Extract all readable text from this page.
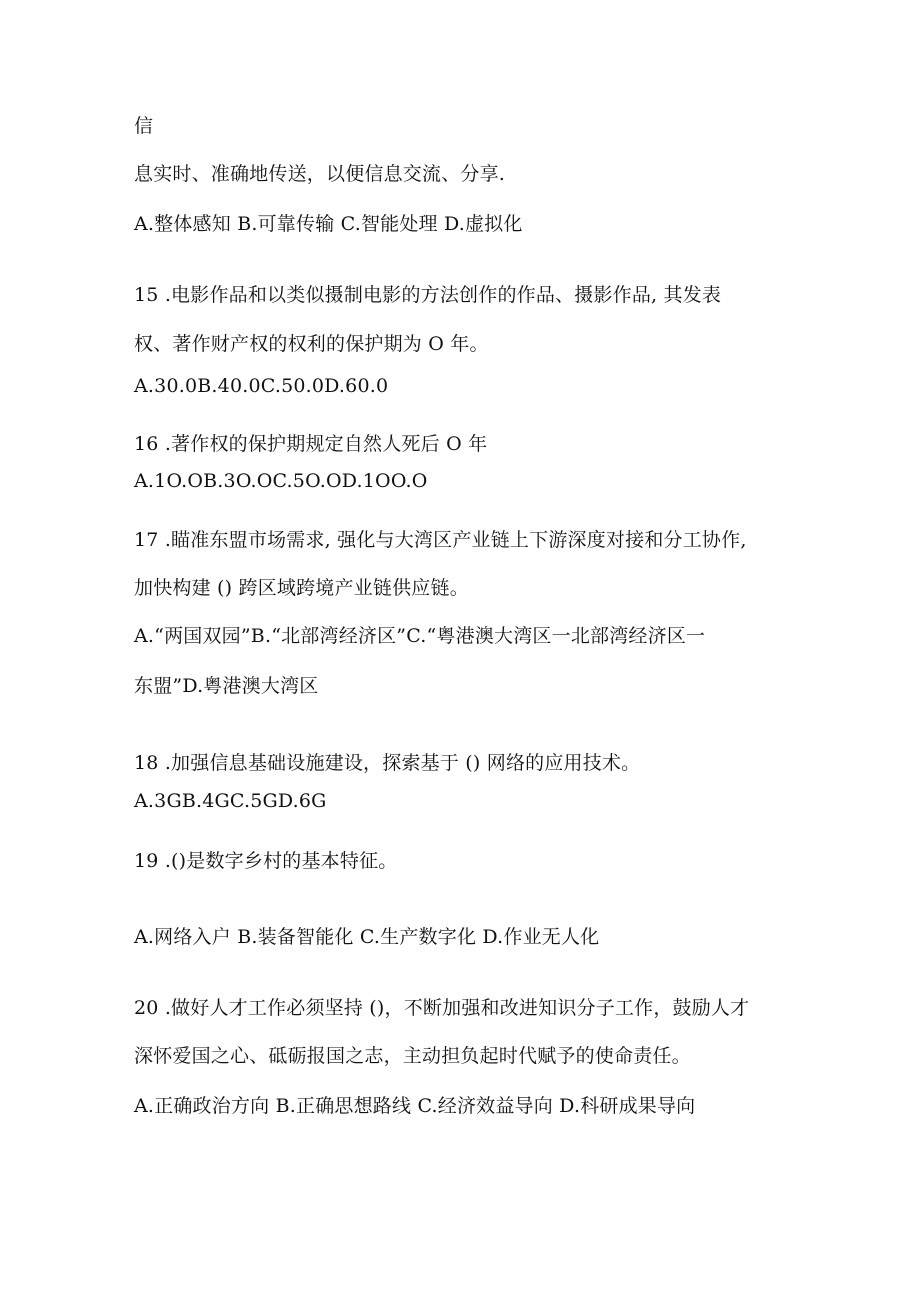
信

息实时、准确地传送，以便信息交流、分享.

A.整体感知 B.可靠传输 C.智能处理 D.虚拟化

15 .电影作品和以类似摄制电影的方法创作的作品、摄影作品, 其发表

权、著作财产权的权利的保护期为 O 年。

A.30.0B.40.0C.50.0D.60.0

16 .著作权的保护期规定自然人死后 O 年

A.1O.OB.3O.OC.5O.OD.1OO.O

17 .瞄准东盟市场需求, 强化与大湾区产业链上下游深度对接和分工协作,

加快构建 () 跨区域跨境产业链供应链。

A.“两国双园”B.“北部湾经济区”C.“粤港澳大湾区一北部湾经济区一

东盟”D.粤港澳大湾区

18 .加强信息基础设施建设，探索基于 () 网络的应用技术。

A.3GB.4GC.5GD.6G

19 .()是数字乡村的基本特征。

A.网络入户 B.装备智能化 C.生产数字化 D.作业无人化

20 .做好人才工作必须坚持 ()，不断加强和改进知识分子工作，鼓励人才

深怀爱国之心、砥砺报国之志，主动担负起时代赋予的使命责任。

A.正确政治方向 B.正确思想路线 C.经济效益导向 D.科研成果导向
